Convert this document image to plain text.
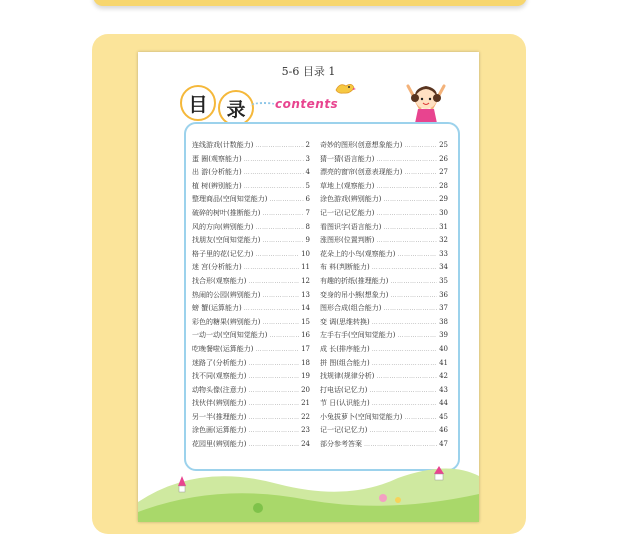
5-6 目录 1
目 录	contents
连线游戏(计数能力) ……………………………………………	2
蛋 圈(观察能力) ……………………………………………	3
出 游(分析能力) ……………………………………………	4
植 树(辨别能力) ……………………………………………	5
整理商品(空间知觉能力) ……………………………………………	6
破碎的树叶(推断能力) ……………………………………………	7
风的方向(辨别能力) ……………………………………………	8
找朋友(空间知觉能力) ……………………………………………	9
格子里的花(记忆力) ……………………………………………	10
迷 宫(分析能力) ……………………………………………	11
找合形(观察能力) ……………………………………………	12
热闹的公园(辨别能力) ……………………………………………	13
螃 蟹(运算能力) ……………………………………………	14
彩色的糖果(辨别能力) ……………………………………………	15
一动一动(空间知觉能力) ……………………………………………	16
吃晚餐啦(运算能力) ……………………………………………	17
迷路了(分析能力) ……………………………………………	18
找不同(观察能力) ……………………………………………	19
动物头像(注意力) ……………………………………………	20
找伙伴(辨别能力) ……………………………………………	21
另一半(推理能力) ……………………………………………	22
涂色画(运算能力) ……………………………………………	23
花园里(辨别能力) ……………………………………………	24
奇妙的图形(创意想象能力) ……………………………………………	25
猜一猜(语言能力) ……………………………………………	26
漂亮的窗帘(创意表现能力) ……………………………………………	27
草地上(观察能力) ……………………………………………	28
涂色游戏(辨别能力) ……………………………………………	29
记一记(记忆能力) ……………………………………………	30
看图识字(语言能力) ……………………………………………	31
涨图形(位置判断) ……………………………………………	32
花朵上的小鸟(观察能力) ……………………………………………	33
布 料(判断能力) ……………………………………………	34
有趣的折纸(推理能力) ……………………………………………	35
变身的吊小熊(想象力) ……………………………………………	36
图形合成(组合能力) ……………………………………………	37
变 调(思维转换) ……………………………………………	38
左手右手(空间知觉能力) ……………………………………………	39
成 长(排序能力) ……………………………………………	40
拼 图(组合能力) ……………………………………………	41
找规律(规律分析) ……………………………………………	42
打电话(记忆力) ……………………………………………	43
节 日(认识能力) ……………………………………………	44
小兔拔萝卜(空间知觉能力) ……………………………………………	45
记一记(记忆力) ……………………………………………	46
部分参考答案 ……………………………………………	47
